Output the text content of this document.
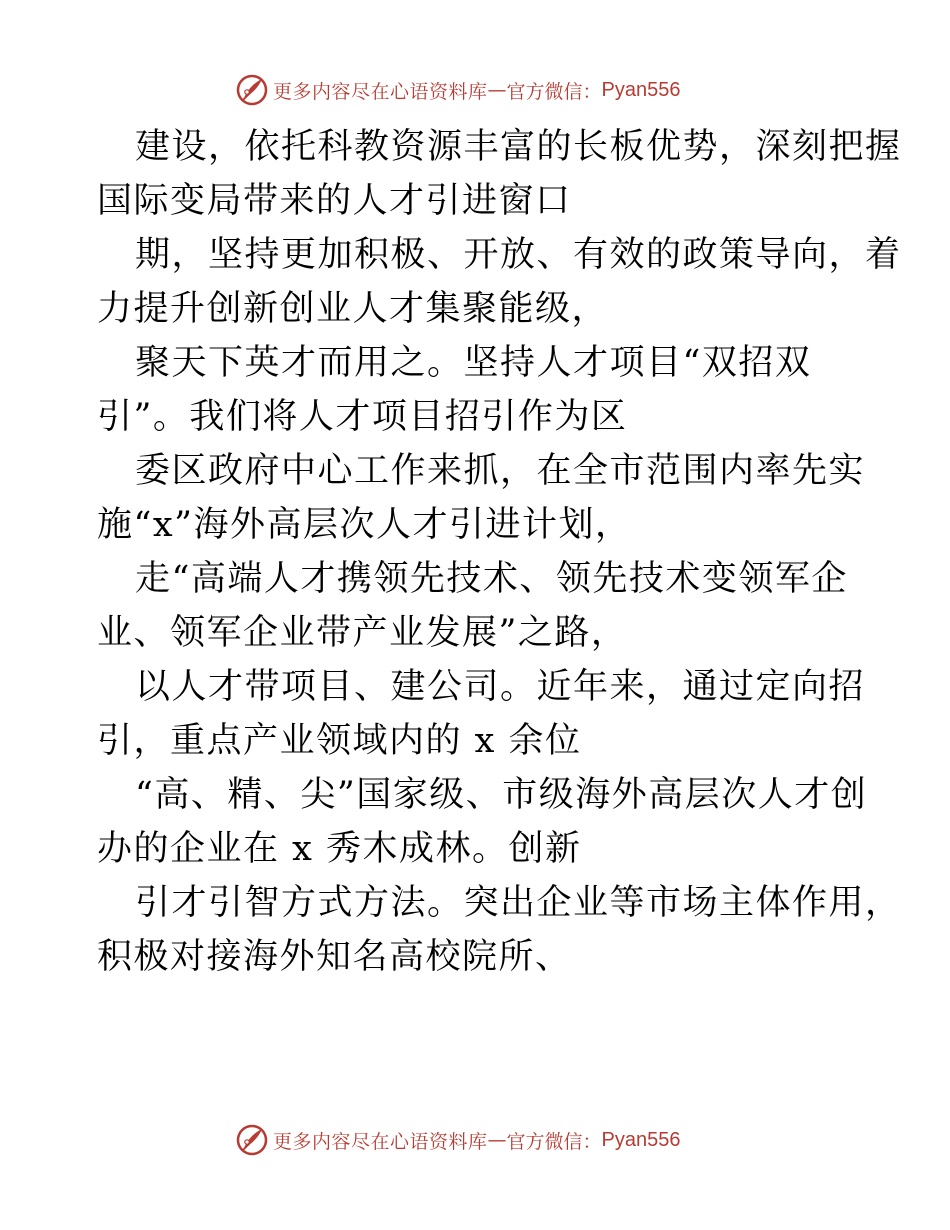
更多内容尽在心语资料库 — 官方微信： Pyan556
建设，依托科教资源丰富的长板优势，深刻把握
国际变局带来的人才引进窗口
期，坚持更加积极、开放、有效的政策导向，着
力提升创新创业人才集聚能级，
聚天下英才而用之。坚持人才项目“双招双
引”。我们将人才项目招引作为区
委区政府中心工作来抓，在全市范围内率先实
施“x”海外高层次人才引进计划，
走“高端人才携领先技术、领先技术变领军企
业、领军企业带产业发展”之路，
以人才带项目、建公司。近年来，通过定向招
引，重点产业领域内的 x 余位
“高、精、尖”国家级、市级海外高层次人才创
办的企业在 x 秀木成林。创新
引才引智方式方法。突出企业等市场主体作用，
积极对接海外知名高校院所、
更多内容尽在心语资料库 — 官方微信： Pyan556
